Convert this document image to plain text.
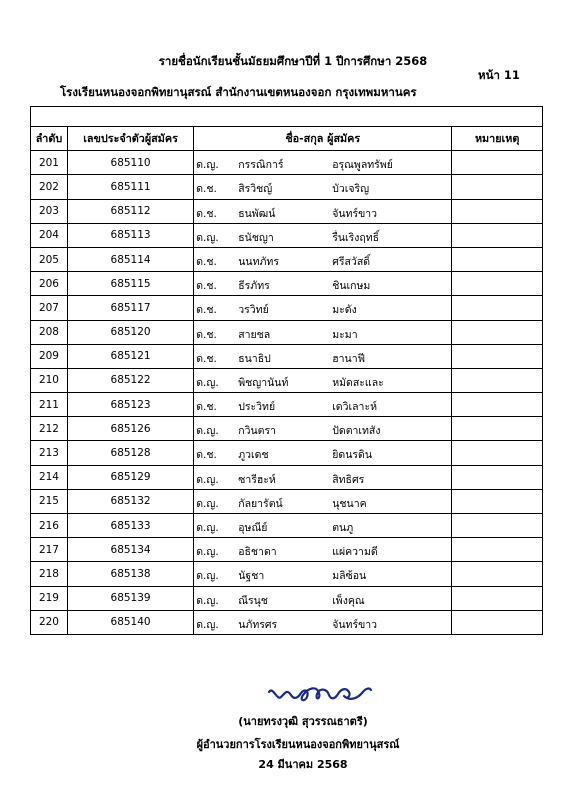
รายชื่อนักเรียนชั้นมัธยมศึกษาปีที่ 1 ปีการศึกษา 2568
หน้า 11
โรงเรียนหนองจอกพิทยานุสรณ์ สำนักงานเขตหนองจอก กรุงเทพมหานคร

ลำดับ	เลขประจำตัวผู้สมัคร	ชื่อ-สกุล ผู้สมัคร	หมายเหตุ
201	685110	ด.ญ. กรรณิการ์ อรุณพูลทรัพย์	

202	685111	ด.ช. สิรวิชญ์ บัวเจริญ	

203	685112	ด.ช. ธนพัฒน์ จันทร์ขาว	

204	685113	ด.ญ. ธนัชญา รื่นเริงฤทธิ์	

205	685114	ด.ช. นนทภัทร ศรีสวัสดิ์	

206	685115	ด.ช. ธีรภัทร ชินเกษม	

207	685117	ด.ช. วรวิทย์ มะดัง	

208	685120	ด.ช. สายชล มะมา	

209	685121	ด.ช. ธนาธิป ฮานาฟี	

210	685122	ด.ญ. พิชญานันท์ หมัดสะและ	

211	685123	ด.ช. ประวิทย์ เดวิเลาะห์	

212	685126	ด.ญ. กวินตรา ปัดตาเทสัง	

213	685128	ด.ช. ภูวเดช ยิดนรดิน	

214	685129	ด.ญ. ซารีฮะห์ สิทธิศร	

215	685132	ด.ญ. กัลยารัตน์ นุชนาค	

216	685133	ด.ญ. อุษณีย์ ตนภู	

217	685134	ด.ญ. อธิชาดา แผ่ความดี	

218	685138	ด.ญ. นัฐชา มลิซ้อน	

219	685139	ด.ญ. ณีรนุช เพ็งคุณ	

220	685140	ด.ญ. นภัทรศร จันทร์ขาว	

(นายทรงวุฒิ สุวรรณธาตรี)
ผู้อำนวยการโรงเรียนหนองจอกพิทยานุสรณ์
24 มีนาคม 2568
